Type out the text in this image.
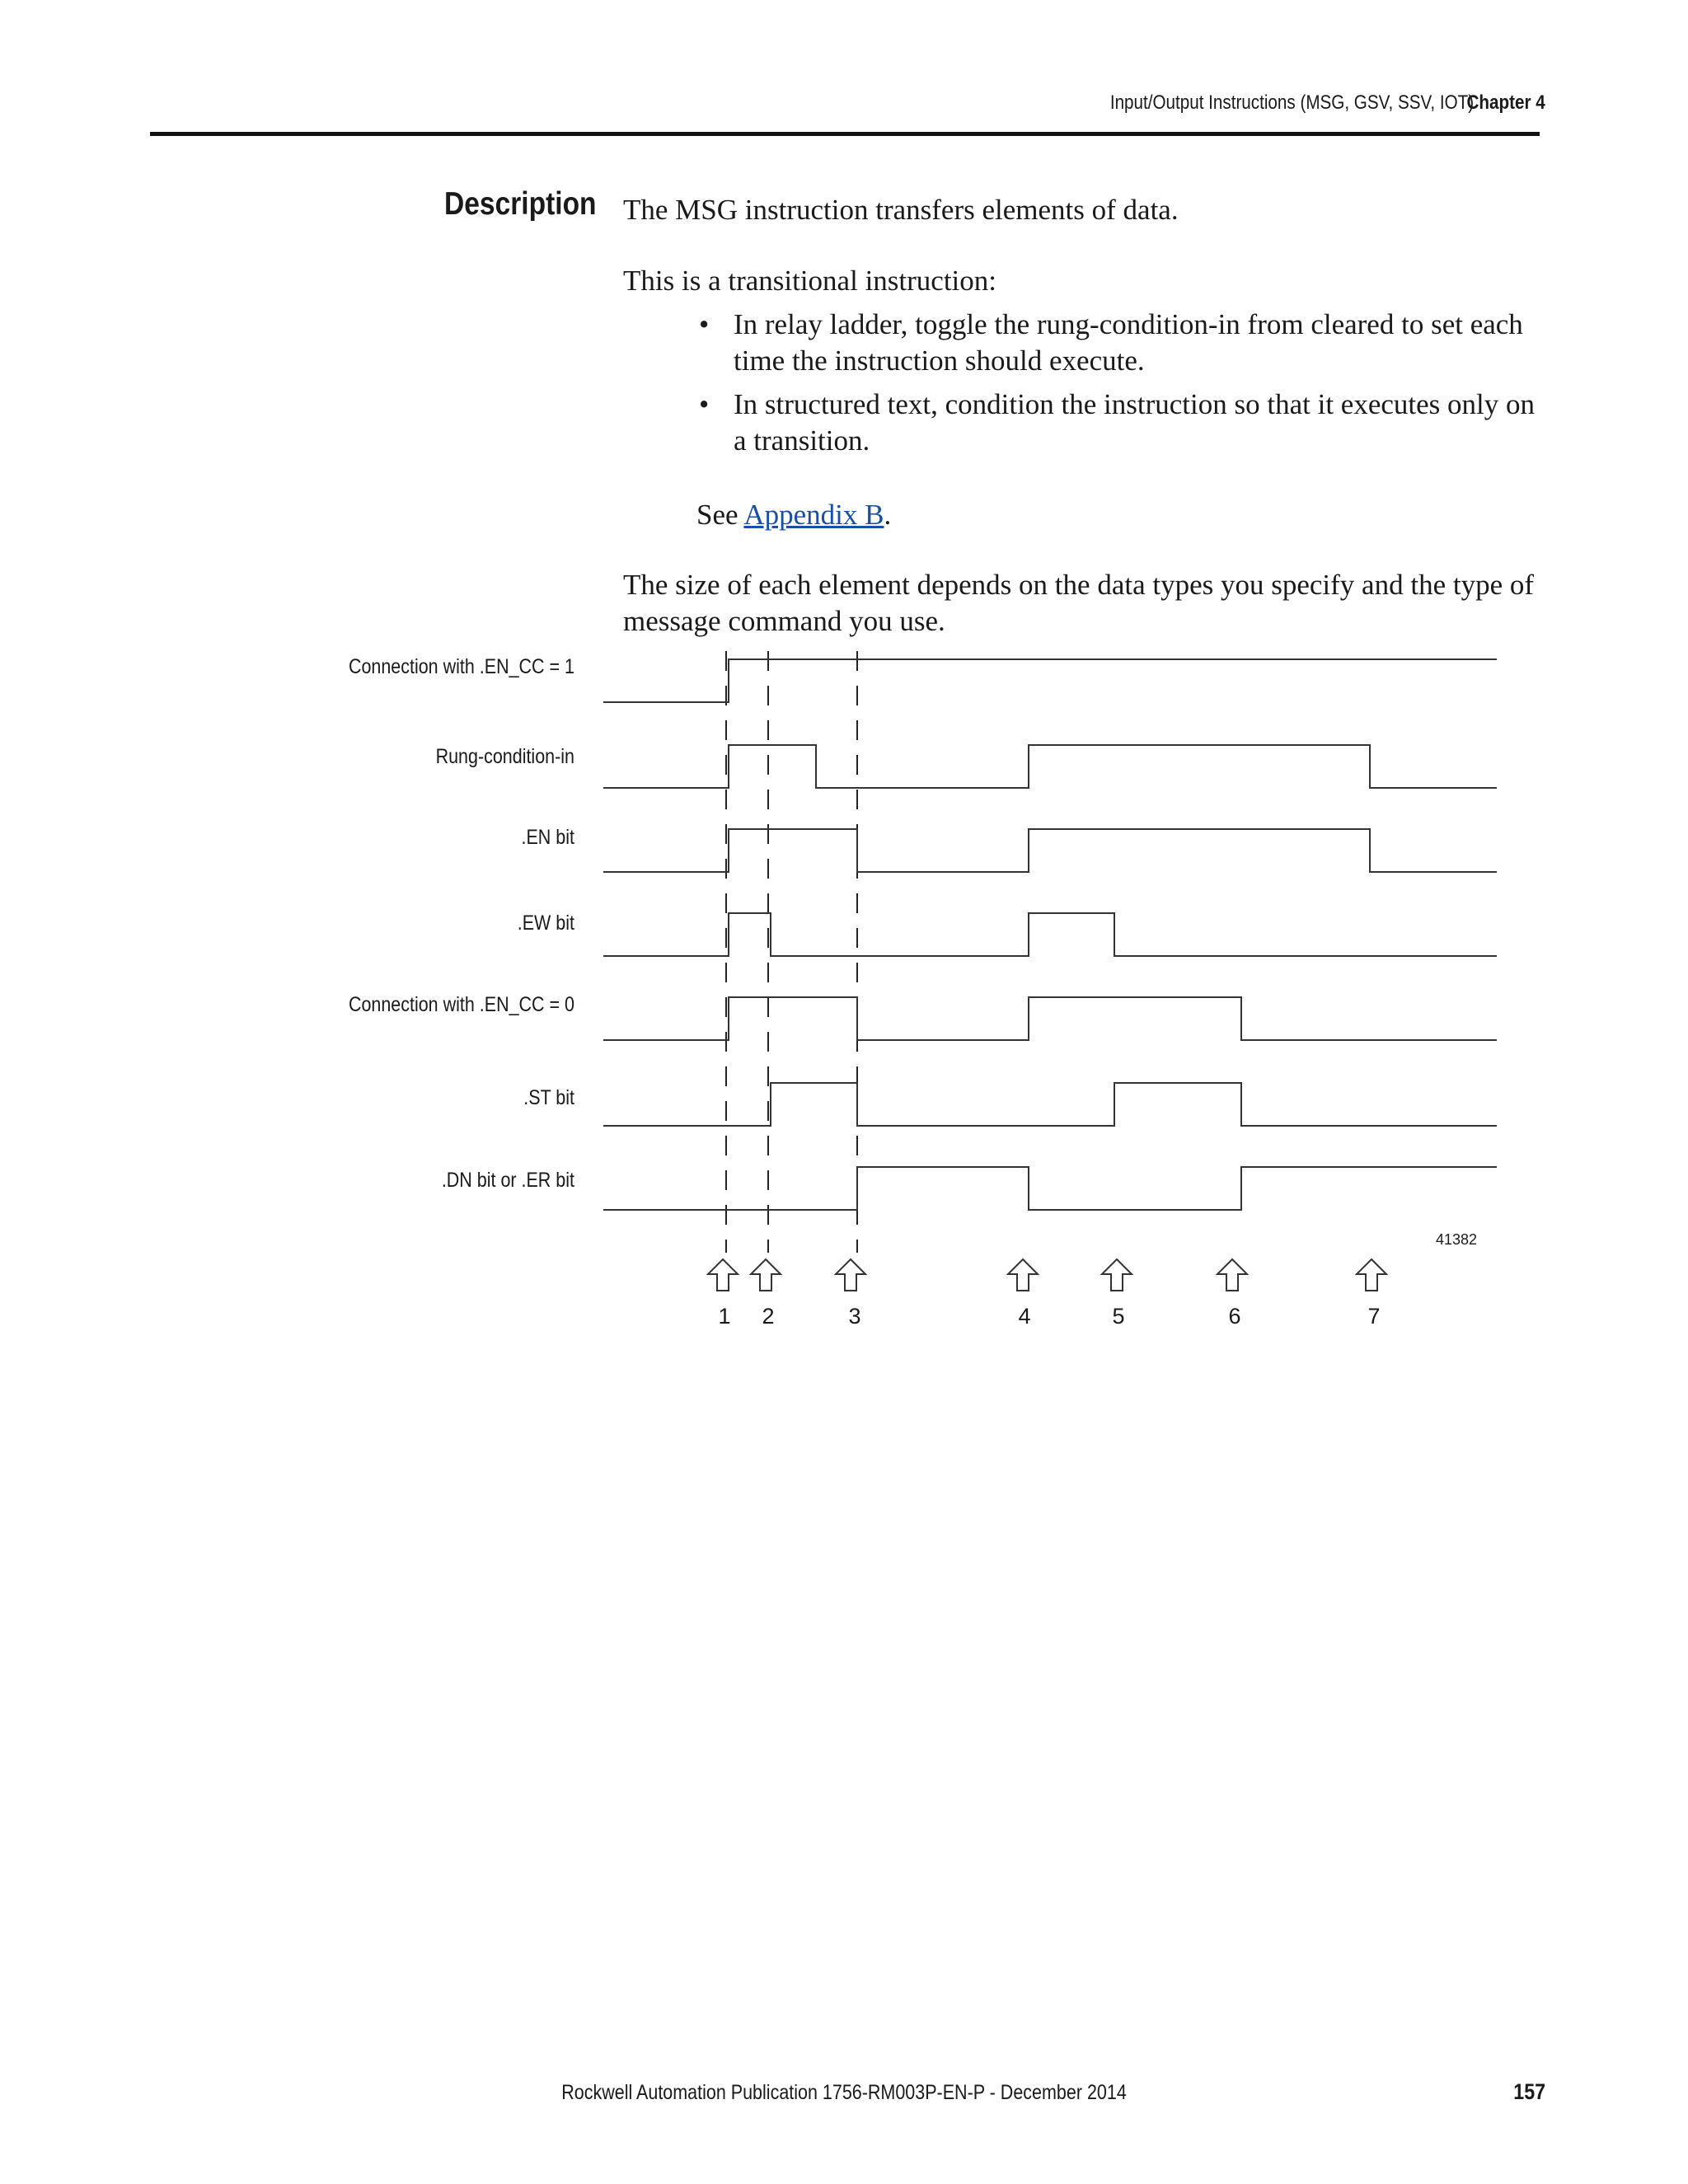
Input/Output Instructions (MSG, GSV, SSV, IOT)
Chapter 4
Description The MSG instruction transfers elements of data.

This is a transitional instruction:

• In relay ladder, toggle the rung-condition-in from cleared to set each time the instruction should execute.
• In structured text, condition the instruction so that it executes only on a transition.

See Appendix B.

The size of each element depends on the data types you specify and the type of message command you use.

Connection with .EN_CC = 1
Rung-condition-in
.EN bit
.EW bit
Connection with .EN_CC = 0
.ST bit
.DN bit or .ER bit
1 2	3	4	5	6	7
41382
Rockwell Automation Publication 1756-RM003P-EN-P - December 2014	157
